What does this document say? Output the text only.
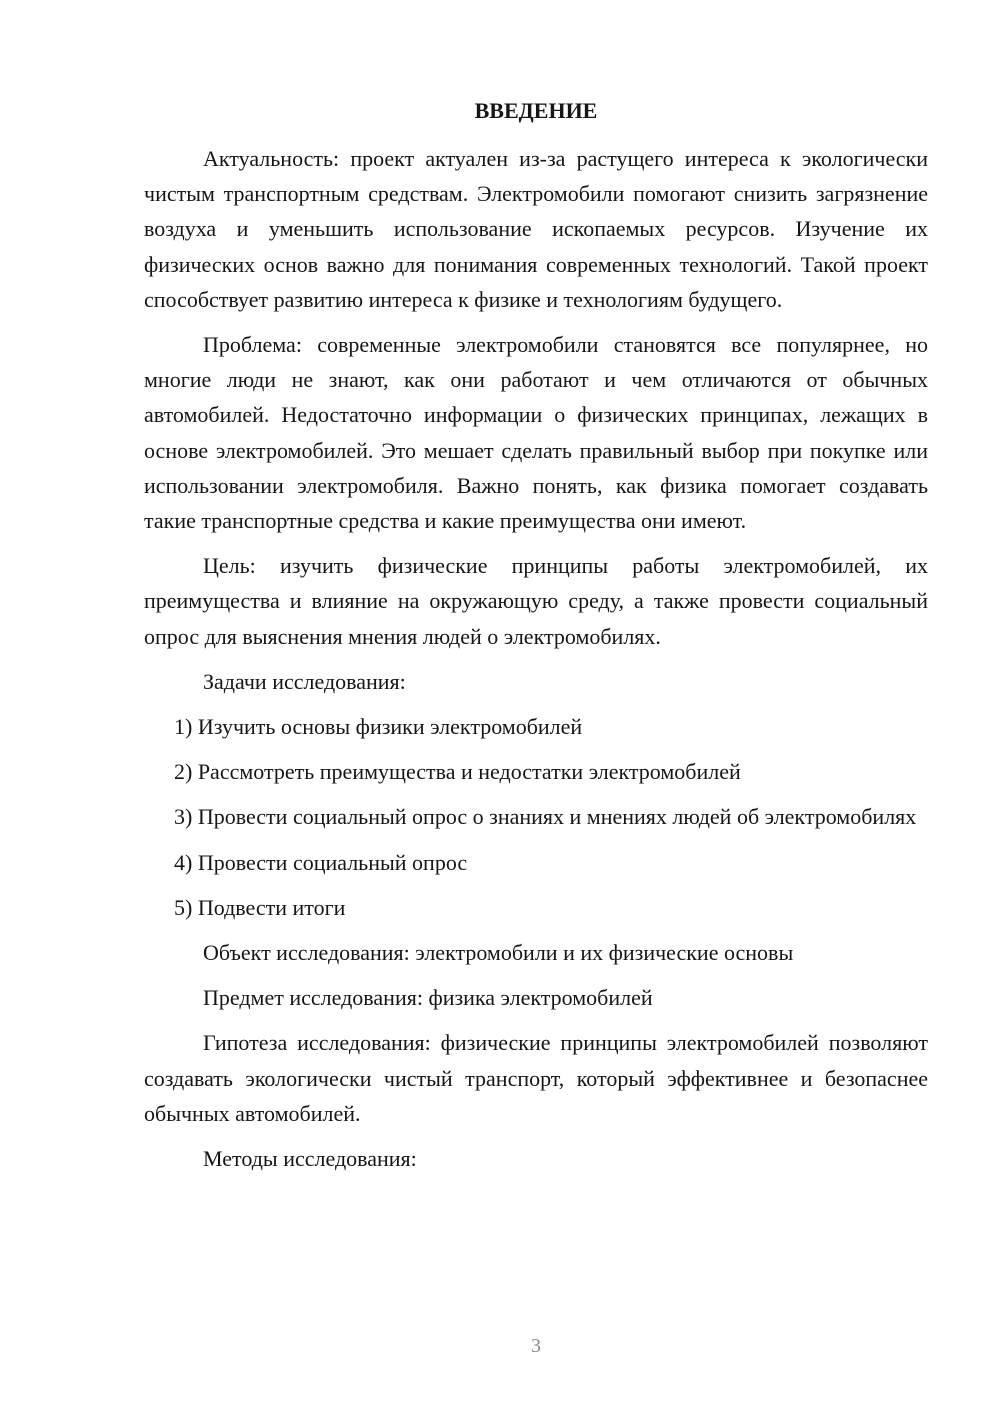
ВВЕДЕНИЕ

Актуальность: проект актуален из-за растущего интереса к экологически чистым транспортным средствам. Электромобили помогают снизить загрязнение воздуха и уменьшить использование ископаемых ресурсов. Изучение их физических основ важно для понимания современных технологий. Такой проект способствует развитию интереса к физике и технологиям будущего.

Проблема: современные электромобили становятся все популярнее, но многие люди не знают, как они работают и чем отличаются от обычных автомобилей. Недостаточно информации о физических принципах, лежащих в основе электромобилей. Это мешает сделать правильный выбор при покупке или использовании электромобиля. Важно понять, как физика помогает создавать такие транспортные средства и какие преимущества они имеют.

Цель: изучить физические принципы работы электромобилей, их преимущества и влияние на окружающую среду, а также провести социальный опрос для выяснения мнения людей о электромобилях.

Задачи исследования:

1) Изучить основы физики электромобилей

2) Рассмотреть преимущества и недостатки электромобилей

3) Провести социальный опрос о знаниях и мнениях людей об электромобилях

4) Провести социальный опрос

5) Подвести итоги

Объект исследования: электромобили и их физические основы

Предмет исследования: физика электромобилей

Гипотеза исследования: физические принципы электромобилей позволяют создавать экологически чистый транспорт, который эффективнее и безопаснее обычных автомобилей.

Методы исследования:

3
